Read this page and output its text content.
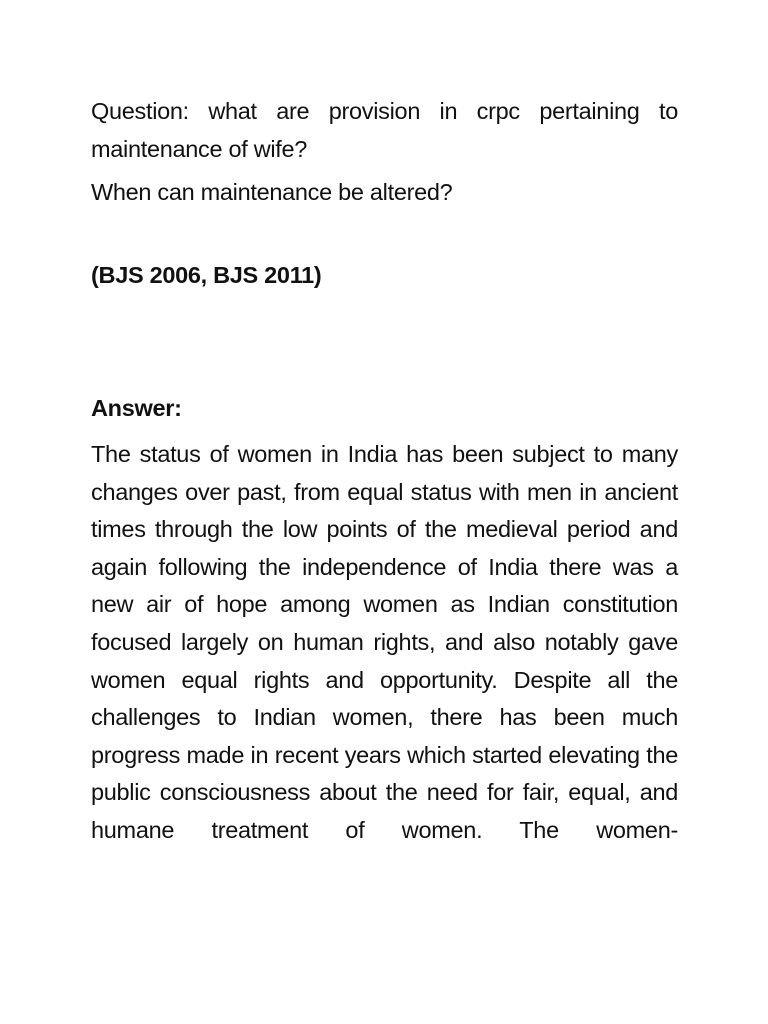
Question: what are provision in crpc pertaining to maintenance of wife?

When can maintenance be altered?

(BJS 2006, BJS 2011)

Answer:

The status of women in India has been subject to many changes over past, from equal status with men in ancient times through the low points of the medieval period and again following the independence of India there was a new air of hope among women as Indian constitution focused largely on human rights, and also notably gave women equal rights and opportunity. Despite all the challenges to Indian women, there has been much progress made in recent years which started elevating the public consciousness about the need for fair, equal, and humane treatment of women. The women-
